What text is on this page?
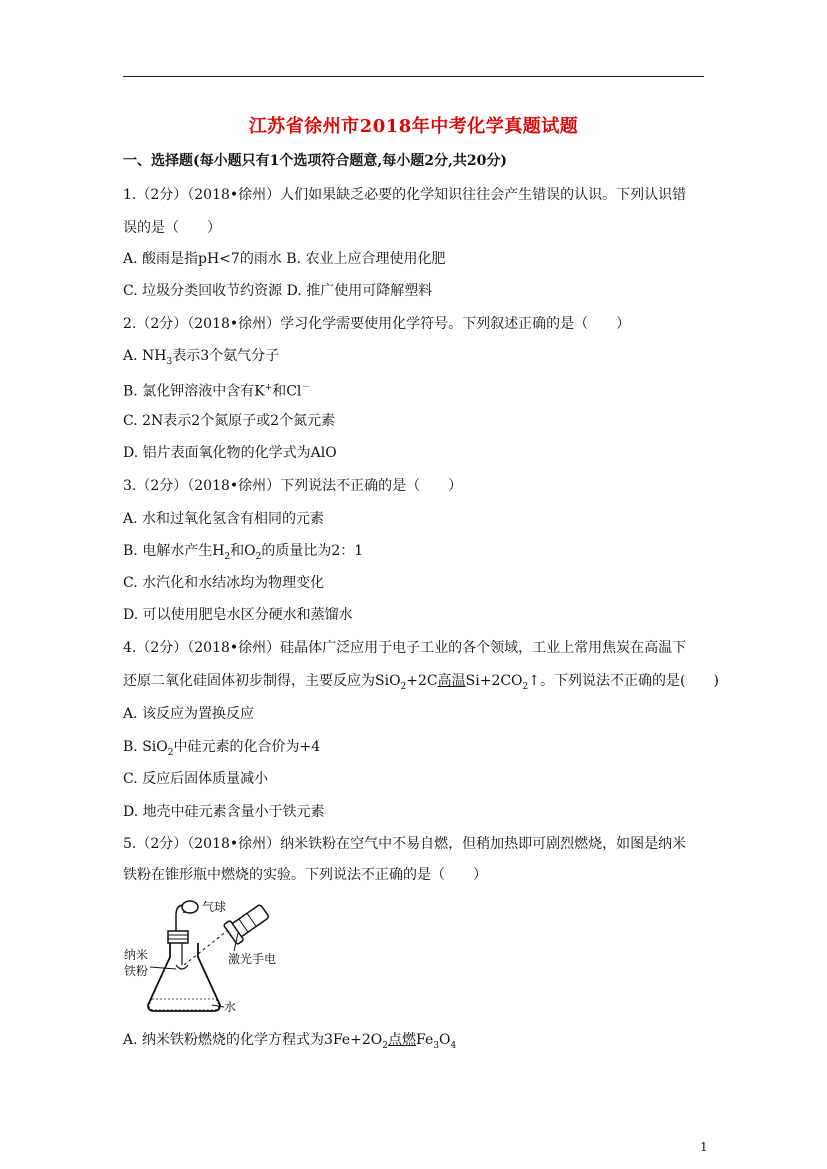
江苏省徐州市2018年中考化学真题试题
一、选择题(每小题只有1个选项符合题意,每小题2分,共20分)
1.（2分）（2018•徐州）人们如果缺乏必要的化学知识往往会产生错误的认识。下列认识错
误的是（　　）
A. 酸雨是指pH<7的雨水 B. 农业上应合理使用化肥
C. 垃圾分类回收节约资源 D. 推广使用可降解塑料
2.（2分）（2018•徐州）学习化学需要使用化学符号。下列叙述正确的是（　　）
A. $NH_3$表示3个氨气分子
B. 氯化钾溶液中含有K+和Cl－
C. 2N表示2个氮原子或2个氮元素
D. 铝片表面氧化物的化学式为AlO
3.（2分）（2018•徐州）下列说法不正确的是（　　）
A. 水和过氧化氢含有相同的元素
B. 电解水产生$H_2$和$O_2$的质量比为2：1
C. 水汽化和水结冰均为物理变化
D. 可以使用肥皂水区分硬水和蒸馏水
4.（2分）（2018•徐州）硅晶体广泛应用于电子工业的各个领域，工业上常用焦炭在高温下
还原二氧化硅固体初步制得，主要反应为SiO$_2$+2C高温$Si+2CO_2↑$。下列说法不正确的是(　　)
A. 该反应为置换反应
B. SiO$_2$中硅元素的化合价为+4
C. 反应后固体质量减小
D. 地壳中硅元素含量小于铁元素
5.（2分）（2018•徐州）纳米铁粉在空气中不易自燃，但稍加热即可剧烈燃烧，如图是纳米
铁粉在锥形瓶中燃烧的实验。下列说法不正确的是（　　）
气球
激光手电
纳米
铁粉
水
A. 纳米铁粉燃烧的化学方程式为$3Fe+2O_2$点燃$Fe_3O_4$
1
